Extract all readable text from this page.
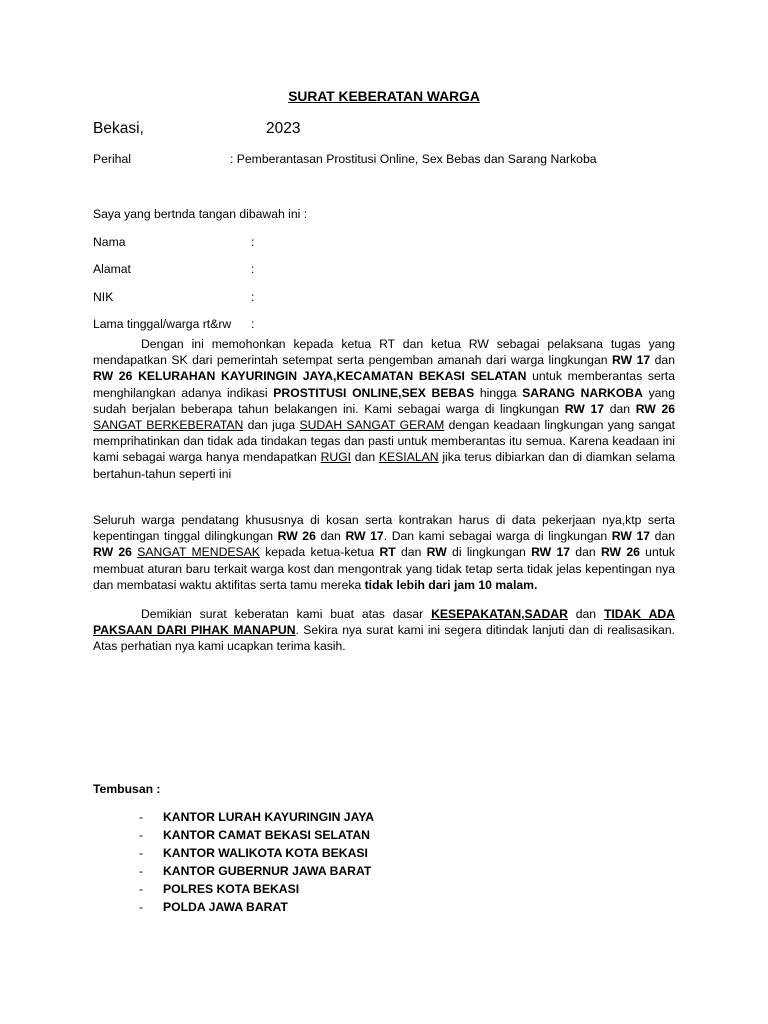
SURAT KEBERATAN WARGA
Bekasi,	2023
Perihal	: Pemberantasan Prostitusi Online, Sex Bebas dan Sarang Narkoba
Saya yang bertnda tangan dibawah ini :
Nama	:
Alamat	:
NIK	:
Lama tinggal/warga rt&rw :

Dengan ini memohonkan kepada ketua RT dan ketua RW sebagai pelaksana tugas yang mendapatkan SK dari pemerintah setempat serta pengemban amanah dari warga lingkungan RW 17 dan RW 26 KELURAHAN KAYURINGIN JAYA,KECAMATAN BEKASI SELATAN untuk memberantas serta menghilangkan adanya indikasi PROSTITUSI ONLINE,SEX BEBAS hingga SARANG NARKOBA yang sudah berjalan beberapa tahun belakangen ini. Kami sebagai warga di lingkungan RW 17 dan RW 26 SANGAT BERKEBERATAN dan juga SUDAH SANGAT GERAM dengan keadaan lingkungan yang sangat memprihatinkan dan tidak ada tindakan tegas dan pasti untuk memberantas itu semua. Karena keadaan ini kami sebagai warga hanya mendapatkan RUGI dan KESIALAN jika terus dibiarkan dan di diamkan selama bertahun-tahun seperti ini

Seluruh warga pendatang khususnya di kosan serta kontrakan harus di data pekerjaan nya,ktp serta kepentingan tinggal dilingkungan RW 26 dan RW 17. Dan kami sebagai warga di lingkungan RW 17 dan RW 26 SANGAT MENDESAK kepada ketua-ketua RT dan RW di lingkungan RW 17 dan RW 26 untuk membuat aturan baru terkait warga kost dan mengontrak yang tidak tetap serta tidak jelas kepentingan nya dan membatasi waktu aktifitas serta tamu mereka tidak lebih dari jam 10 malam.

Demikian surat keberatan kami buat atas dasar KESEPAKATAN,SADAR dan TIDAK ADA PAKSAAN DARI PIHAK MANAPUN. Sekira nya surat kami ini segera ditindak lanjuti dan di realisasikan. Atas perhatian nya kami ucapkan terima kasih.

Tembusan :
- KANTOR LURAH KAYURINGIN JAYA
- KANTOR CAMAT BEKASI SELATAN
- KANTOR WALIKOTA KOTA BEKASI
- KANTOR GUBERNUR JAWA BARAT
- POLRES KOTA BEKASI
- POLDA JAWA BARAT
